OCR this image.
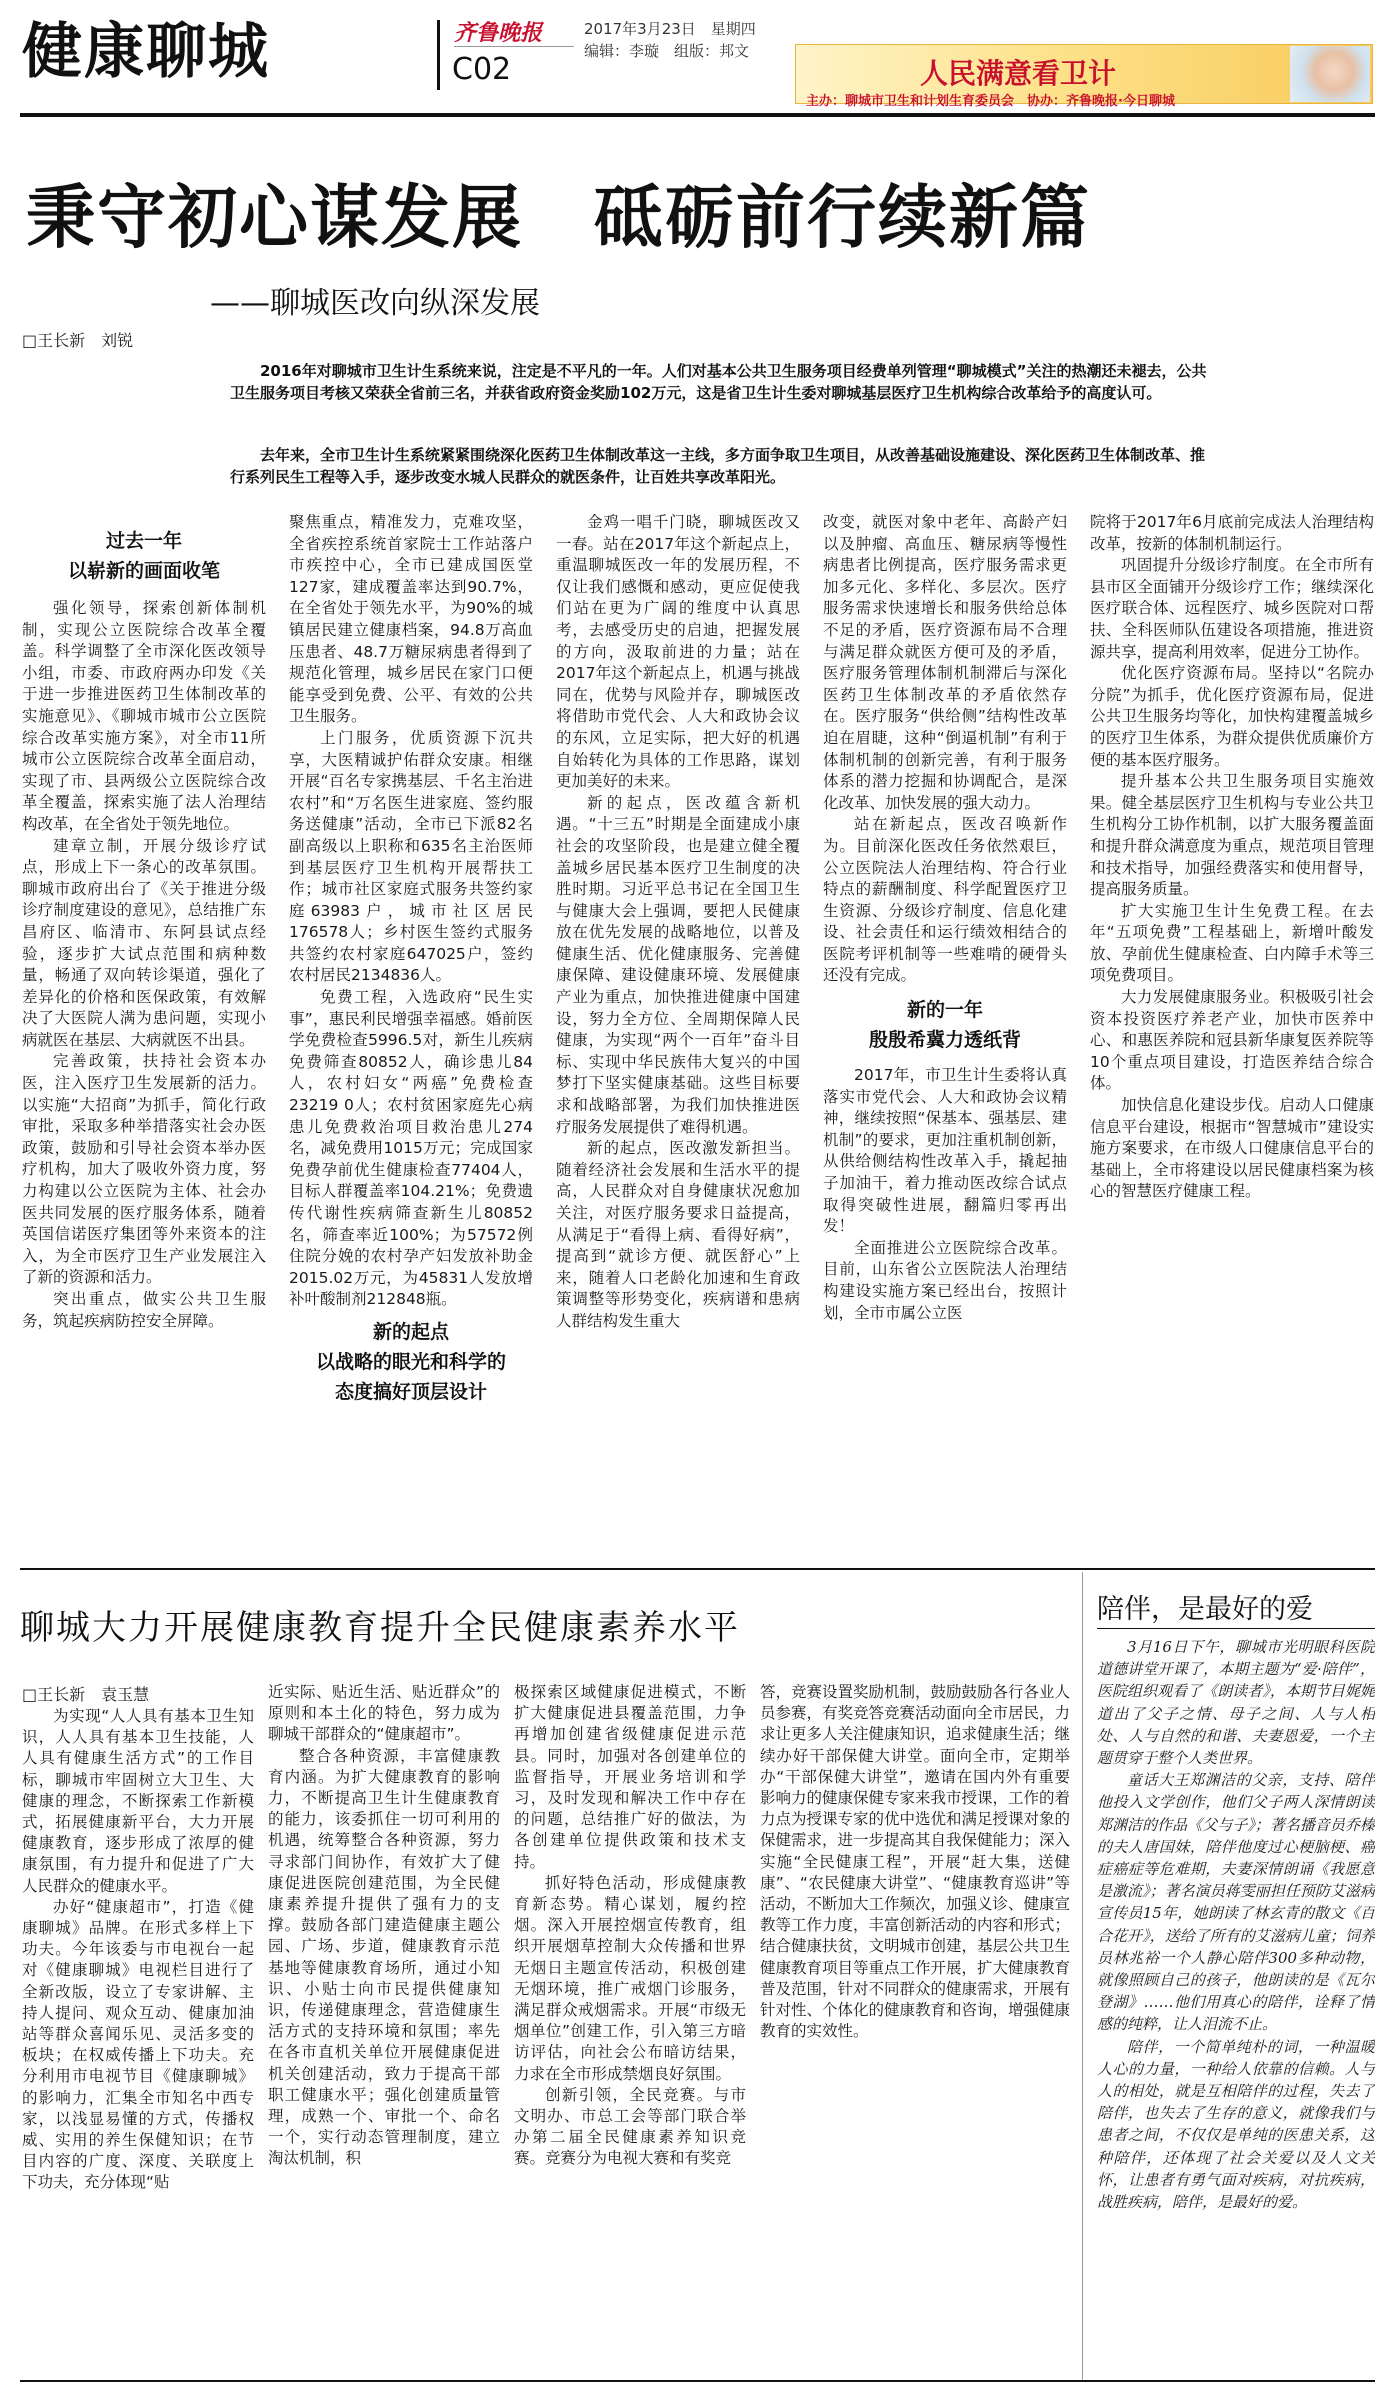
健康聊城	齐鲁晚报
C02
2017年3月23日　星期四
编辑：李璇　组版：邦文
人民满意看卫计
主办：聊城市卫生和计划生育委员会　协办：齐鲁晚报·今日聊城
秉守初心谋发展　砥砺前行续新篇
——聊城医改向纵深发展
□王长新　刘锐

2016年对聊城市卫生计生系统来说，注定是不平凡的一年。人们对基本公共卫生服务项目经费单列管理“聊城模式”关注的热潮还未褪去，公共卫生服务项目考核又荣获全省前三名，并获省政府资金奖励102万元，这是省卫生计生委对聊城基层医疗卫生机构综合改革给予的高度认可。

去年来，全市卫生计生系统紧紧围绕深化医药卫生体制改革这一主线，多方面争取卫生项目，从改善基础设施建设、深化医药卫生体制改革、推行系列民生工程等入手，逐步改变水城人民群众的就医条件，让百姓共享改革阳光。

过去一年
以崭新的画面收笔

强化领导，探索创新体制机制，实现公立医院综合改革全覆盖。科学调整了全市深化医改领导小组，市委、市政府两办印发《关于进一步推进医药卫生体制改革的实施意见》、《聊城市城市公立医院综合改革实施方案》，对全市11所城市公立医院综合改革全面启动，实现了市、县两级公立医院综合改革全覆盖，探索实施了法人治理结构改革，在全省处于领先地位。

建章立制，开展分级诊疗试点，形成上下一条心的改革氛围。聊城市政府出台了《关于推进分级诊疗制度建设的意见》，总结推广东昌府区、临清市、东阿县试点经验，逐步扩大试点范围和病种数量，畅通了双向转诊渠道，强化了差异化的价格和医保政策，有效解决了大医院人满为患问题，实现小病就医在基层、大病就医不出县。

完善政策，扶持社会资本办医，注入医疗卫生发展新的活力。以实施“大招商”为抓手，简化行政审批，采取多种举措落实社会办医政策，鼓励和引导社会资本举办医疗机构，加大了吸收外资力度，努力构建以公立医院为主体、社会办医共同发展的医疗服务体系，随着英国信诺医疗集团等外来资本的注入，为全市医疗卫生产业发展注入了新的资源和活力。

突出重点，做实公共卫生服务，筑起疾病防控安全屏障。

聚焦重点，精准发力，克难攻坚，全省疾控系统首家院士工作站落户市疾控中心，全市已建成国医堂127家，建成覆盖率达到90.7%，在全省处于领先水平，为90%的城镇居民建立健康档案，94.8万高血压患者、48.7万糖尿病患者得到了规范化管理，城乡居民在家门口便能享受到免费、公平、有效的公共卫生服务。

上门服务，优质资源下沉共享，大医精诚护佑群众安康。相继开展“百名专家携基层、千名主治进农村”和“万名医生进家庭、签约服务送健康”活动，全市已下派82名副高级以上职称和635名主治医师到基层医疗卫生机构开展帮扶工作；城市社区家庭式服务共签约家庭63983户，城市社区居民176578人；乡村医生签约式服务共签约农村家庭647025户，签约农村居民2134836人。

免费工程，入选政府“民生实事”，惠民利民增强幸福感。婚前医学免费检查5996.5对，新生儿疾病免费筛查80852人，确诊患儿84人，农村妇女“两癌”免费检查23219 0人；农村贫困家庭先心病患儿免费救治项目救治患儿274名，减免费用1015万元；完成国家免费孕前优生健康检查77404人，目标人群覆盖率104.21%；免费遗传代谢性疾病筛查新生儿80852名，筛查率近100%；为57572例住院分娩的农村孕产妇发放补助金2015.02万元，为45831人发放增补叶酸制剂212848瓶。

新的起点
以战略的眼光和科学的
态度搞好顶层设计

金鸡一唱千门晓，聊城医改又一春。站在2017年这个新起点上，重温聊城医改一年的发展历程，不仅让我们感慨和感动，更应促使我们站在更为广阔的维度中认真思考，去感受历史的启迪，把握发展的方向，汲取前进的力量；站在2017年这个新起点上，机遇与挑战同在，优势与风险并存，聊城医改将借助市党代会、人大和政协会议的东风，立足实际，把大好的机遇自始转化为具体的工作思路，谋划更加美好的未来。

新的起点，医改蕴含新机遇。“十三五”时期是全面建成小康社会的攻坚阶段，也是建立健全覆盖城乡居民基本医疗卫生制度的决胜时期。习近平总书记在全国卫生与健康大会上强调，要把人民健康放在优先发展的战略地位，以普及健康生活、优化健康服务、完善健康保障、建设健康环境、发展健康产业为重点，加快推进健康中国建设，努力全方位、全周期保障人民健康，为实现“两个一百年”奋斗目标、实现中华民族伟大复兴的中国梦打下坚实健康基础。这些目标要求和战略部署，为我们加快推进医疗服务发展提供了难得机遇。

新的起点，医改激发新担当。随着经济社会发展和生活水平的提高，人民群众对自身健康状况愈加关注，对医疗服务要求日益提高，从满足于“看得上病、看得好病”，提高到“就诊方便、就医舒心”上来，随着人口老龄化加速和生育政策调整等形势变化，疾病谱和患病人群结构发生重大

改变，就医对象中老年、高龄产妇以及肿瘤、高血压、糖尿病等慢性病患者比例提高，医疗服务需求更加多元化、多样化、多层次。医疗服务需求快速增长和服务供给总体不足的矛盾，医疗资源布局不合理与满足群众就医方便可及的矛盾，医疗服务管理体制机制滞后与深化医药卫生体制改革的矛盾依然存在。医疗服务“供给侧”结构性改革迫在眉睫，这种“倒逼机制”有利于体制机制的创新完善，有利于服务体系的潜力挖掘和协调配合，是深化改革、加快发展的强大动力。

站在新起点，医改召唤新作为。目前深化医改任务依然艰巨，公立医院法人治理结构、符合行业特点的薪酬制度、科学配置医疗卫生资源、分级诊疗制度、信息化建设、社会责任和运行绩效相结合的医院考评机制等一些难啃的硬骨头还没有完成。

新的一年
殷殷希冀力透纸背

2017年，市卫生计生委将认真落实市党代会、人大和政协会议精神，继续按照“保基本、强基层、建机制”的要求，更加注重机制创新，从供给侧结构性改革入手，撬起抽子加油干，着力推动医改综合试点取得突破性进展，翻篇归零再出发！

全面推进公立医院综合改革。目前，山东省公立医院法人治理结构建设实施方案已经出台，按照计划，全市市属公立医

院将于2017年6月底前完成法人治理结构改革，按新的体制机制运行。

巩固提升分级诊疗制度。在全市所有县市区全面铺开分级诊疗工作；继续深化医疗联合体、远程医疗、城乡医院对口帮扶、全科医师队伍建设各项措施，推进资源共享，提高利用效率，促进分工协作。

优化医疗资源布局。坚持以“名院办分院”为抓手，优化医疗资源布局，促进公共卫生服务均等化，加快构建覆盖城乡的医疗卫生体系，为群众提供优质廉价方便的基本医疗服务。

提升基本公共卫生服务项目实施效果。健全基层医疗卫生机构与专业公共卫生机构分工协作机制，以扩大服务覆盖面和提升群众满意度为重点，规范项目管理和技术指导，加强经费落实和使用督导，提高服务质量。

扩大实施卫生计生免费工程。在去年“五项免费”工程基础上，新增叶酸发放、孕前优生健康检查、白内障手术等三项免费项目。

大力发展健康服务业。积极吸引社会资本投资医疗养老产业，加快市医养中心、和惠医养院和冠县新华康复医养院等10个重点项目建设，打造医养结合综合体。

加快信息化建设步伐。启动人口健康信息平台建设，根据市“智慧城市”建设实施方案要求，在市级人口健康信息平台的基础上，全市将建设以居民健康档案为核心的智慧医疗健康工程。

聊城大力开展健康教育提升全民健康素养水平
□王长新　袁玉慧

为实现“人人具有基本卫生知识，人人具有基本卫生技能，人人具有健康生活方式”的工作目标，聊城市牢固树立大卫生、大健康的理念，不断探索工作新模式，拓展健康新平台，大力开展健康教育，逐步形成了浓厚的健康氛围，有力提升和促进了广大人民群众的健康水平。

办好“健康超市”，打造《健康聊城》品牌。在形式多样上下功夫。今年该委与市电视台一起对《健康聊城》电视栏目进行了全新改版，设立了专家讲解、主持人提问、观众互动、健康加油站等群众喜闻乐见、灵活多变的板块；在权威传播上下功夫。充分利用市电视节目《健康聊城》的影响力，汇集全市知名中西专家，以浅显易懂的方式，传播权威、实用的养生保健知识；在节目内容的广度、深度、关联度上下功夫，充分体现“贴

近实际、贴近生活、贴近群众”的原则和本土化的特色，努力成为聊城干部群众的“健康超市”。

整合各种资源，丰富健康教育内涵。为扩大健康教育的影响力，不断提高卫生计生健康教育的能力，该委抓住一切可利用的机遇，统筹整合各种资源，努力寻求部门间协作，有效扩大了健康促进医院创建范围，为全民健康素养提升提供了强有力的支撑。鼓励各部门建造健康主题公园、广场、步道，健康教育示范基地等健康教育场所，通过小知识、小贴士向市民提供健康知识，传递健康理念，营造健康生活方式的支持环境和氛围；率先在各市直机关单位开展健康促进机关创建活动，致力于提高干部职工健康水平；强化创建质量管理，成熟一个、审批一个、命名一个，实行动态管理制度，建立淘汰机制，积

极探索区域健康促进模式，不断扩大健康促进县覆盖范围，力争再增加创建省级健康促进示范县。同时，加强对各创建单位的监督指导，开展业务培训和学习，及时发现和解决工作中存在的问题，总结推广好的做法，为各创建单位提供政策和技术支持。

抓好特色活动，形成健康教育新态势。精心谋划，履约控烟。深入开展控烟宣传教育，组织开展烟草控制大众传播和世界无烟日主题宣传活动，积极创建无烟环境，推广戒烟门诊服务，满足群众戒烟需求。开展“市级无烟单位”创建工作，引入第三方暗访评估，向社会公布暗访结果，力求在全市形成禁烟良好氛围。

创新引领，全民竞赛。与市文明办、市总工会等部门联合举办第二届全民健康素养知识竞赛。竞赛分为电视大赛和有奖竞

答，竞赛设置奖励机制，鼓励鼓励各行各业人员参赛，有奖竞答竞赛活动面向全市居民，力求让更多人关注健康知识，追求健康生活；继续办好干部保健大讲堂。面向全市，定期举办“干部保健大讲堂”，邀请在国内外有重要影响力的健康保健专家来我市授课，工作的着力点为授课专家的优中选优和满足授课对象的保健需求，进一步提高其自我保健能力；深入实施“全民健康工程”，开展“赶大集，送健康”、“农民健康大讲堂”、“健康教育巡讲”等活动，不断加大工作频次，加强义诊、健康宣教等工作力度，丰富创新活动的内容和形式；结合健康扶贫，文明城市创建，基层公共卫生健康教育项目等重点工作开展，扩大健康教育普及范围，针对不同群众的健康需求，开展有针对性、个体化的健康教育和咨询，增强健康教育的实效性。

陪伴，是最好的爱

3月16日下午，聊城市光明眼科医院道德讲堂开课了，本期主题为“爱·陪伴”，医院组织观看了《朗读者》，本期节目娓娓道出了父子之情、母子之间、人与人相处、人与自然的和谐、夫妻恩爱，一个主题贯穿于整个人类世界。

童话大王郑渊洁的父亲，支持、陪伴他投入文学创作，他们父子两人深情朗读郑渊洁的作品《父与子》；著名播音员乔榛的夫人唐国妹，陪伴他度过心梗脑梗、癌症癌症等危难期，夫妻深情朗诵《我愿意是激流》；著名演员蒋雯丽担任预防艾滋病宣传员15年，她朗读了林玄青的散文《百合花开》，送给了所有的艾滋病儿童；饲养员林兆裕一个人静心陪伴300多种动物，就像照顾自己的孩子，他朗读的是《瓦尔登湖》……他们用真心的陪伴，诠释了情感的纯粹，让人泪流不止。

陪伴，一个简单纯朴的词，一种温暖人心的力量，一种给人依靠的信赖。人与人的相处，就是互相陪伴的过程，失去了陪伴，也失去了生存的意义，就像我们与患者之间，不仅仅是单纯的医患关系，这种陪伴，还体现了社会关爱以及人文关怀，让患者有勇气面对疾病，对抗疾病，战胜疾病，陪伴，是最好的爱。
